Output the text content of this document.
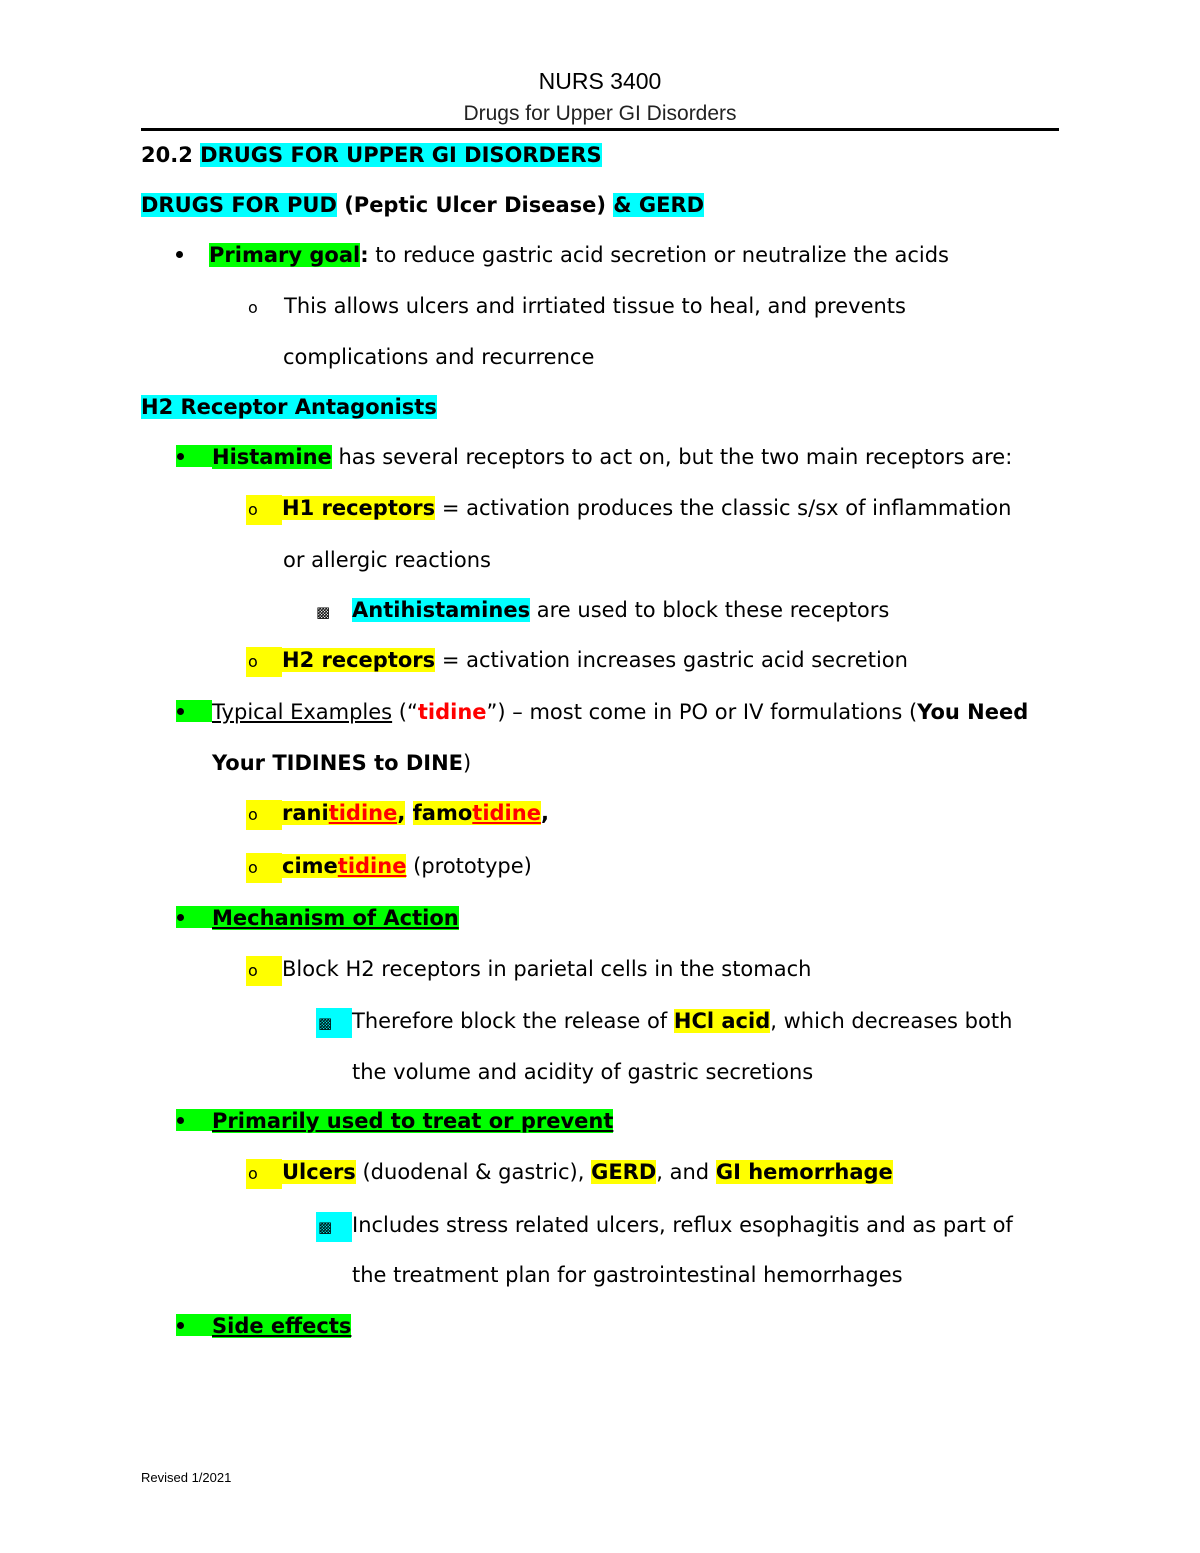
NURS 3400
Drugs for Upper GI Disorders
20.2 DRUGS FOR UPPER GI DISORDERS
DRUGS FOR PUD (Peptic Ulcer Disease) & GERD
Primary goal: to reduce gastric acid secretion or neutralize the acids
o This allows ulcers and irrtiated tissue to heal, and prevents
complications and recurrence
H2 Receptor Antagonists
Histamine has several receptors to act on, but the two main receptors are:
o H1 receptors = activation produces the classic s/sx of inflammation
or allergic reactions
▩ Antihistamines are used to block these receptors
o H2 receptors = activation increases gastric acid secretion
Typical Examples (“tidine”) – most come in PO or IV formulations (You Need
Your TIDINES to DINE)
o ranitidine, famotidine,
o cimetidine (prototype)
Mechanism of Action
o Block H2 receptors in parietal cells in the stomach
▩ Therefore block the release of HCl acid, which decreases both
the volume and acidity of gastric secretions
Primarily used to treat or prevent
o Ulcers (duodenal & gastric), GERD, and GI hemorrhage
▩ Includes stress related ulcers, reflux esophagitis and as part of
the treatment plan for gastrointestinal hemorrhages
Side effects
Revised 1/2021
